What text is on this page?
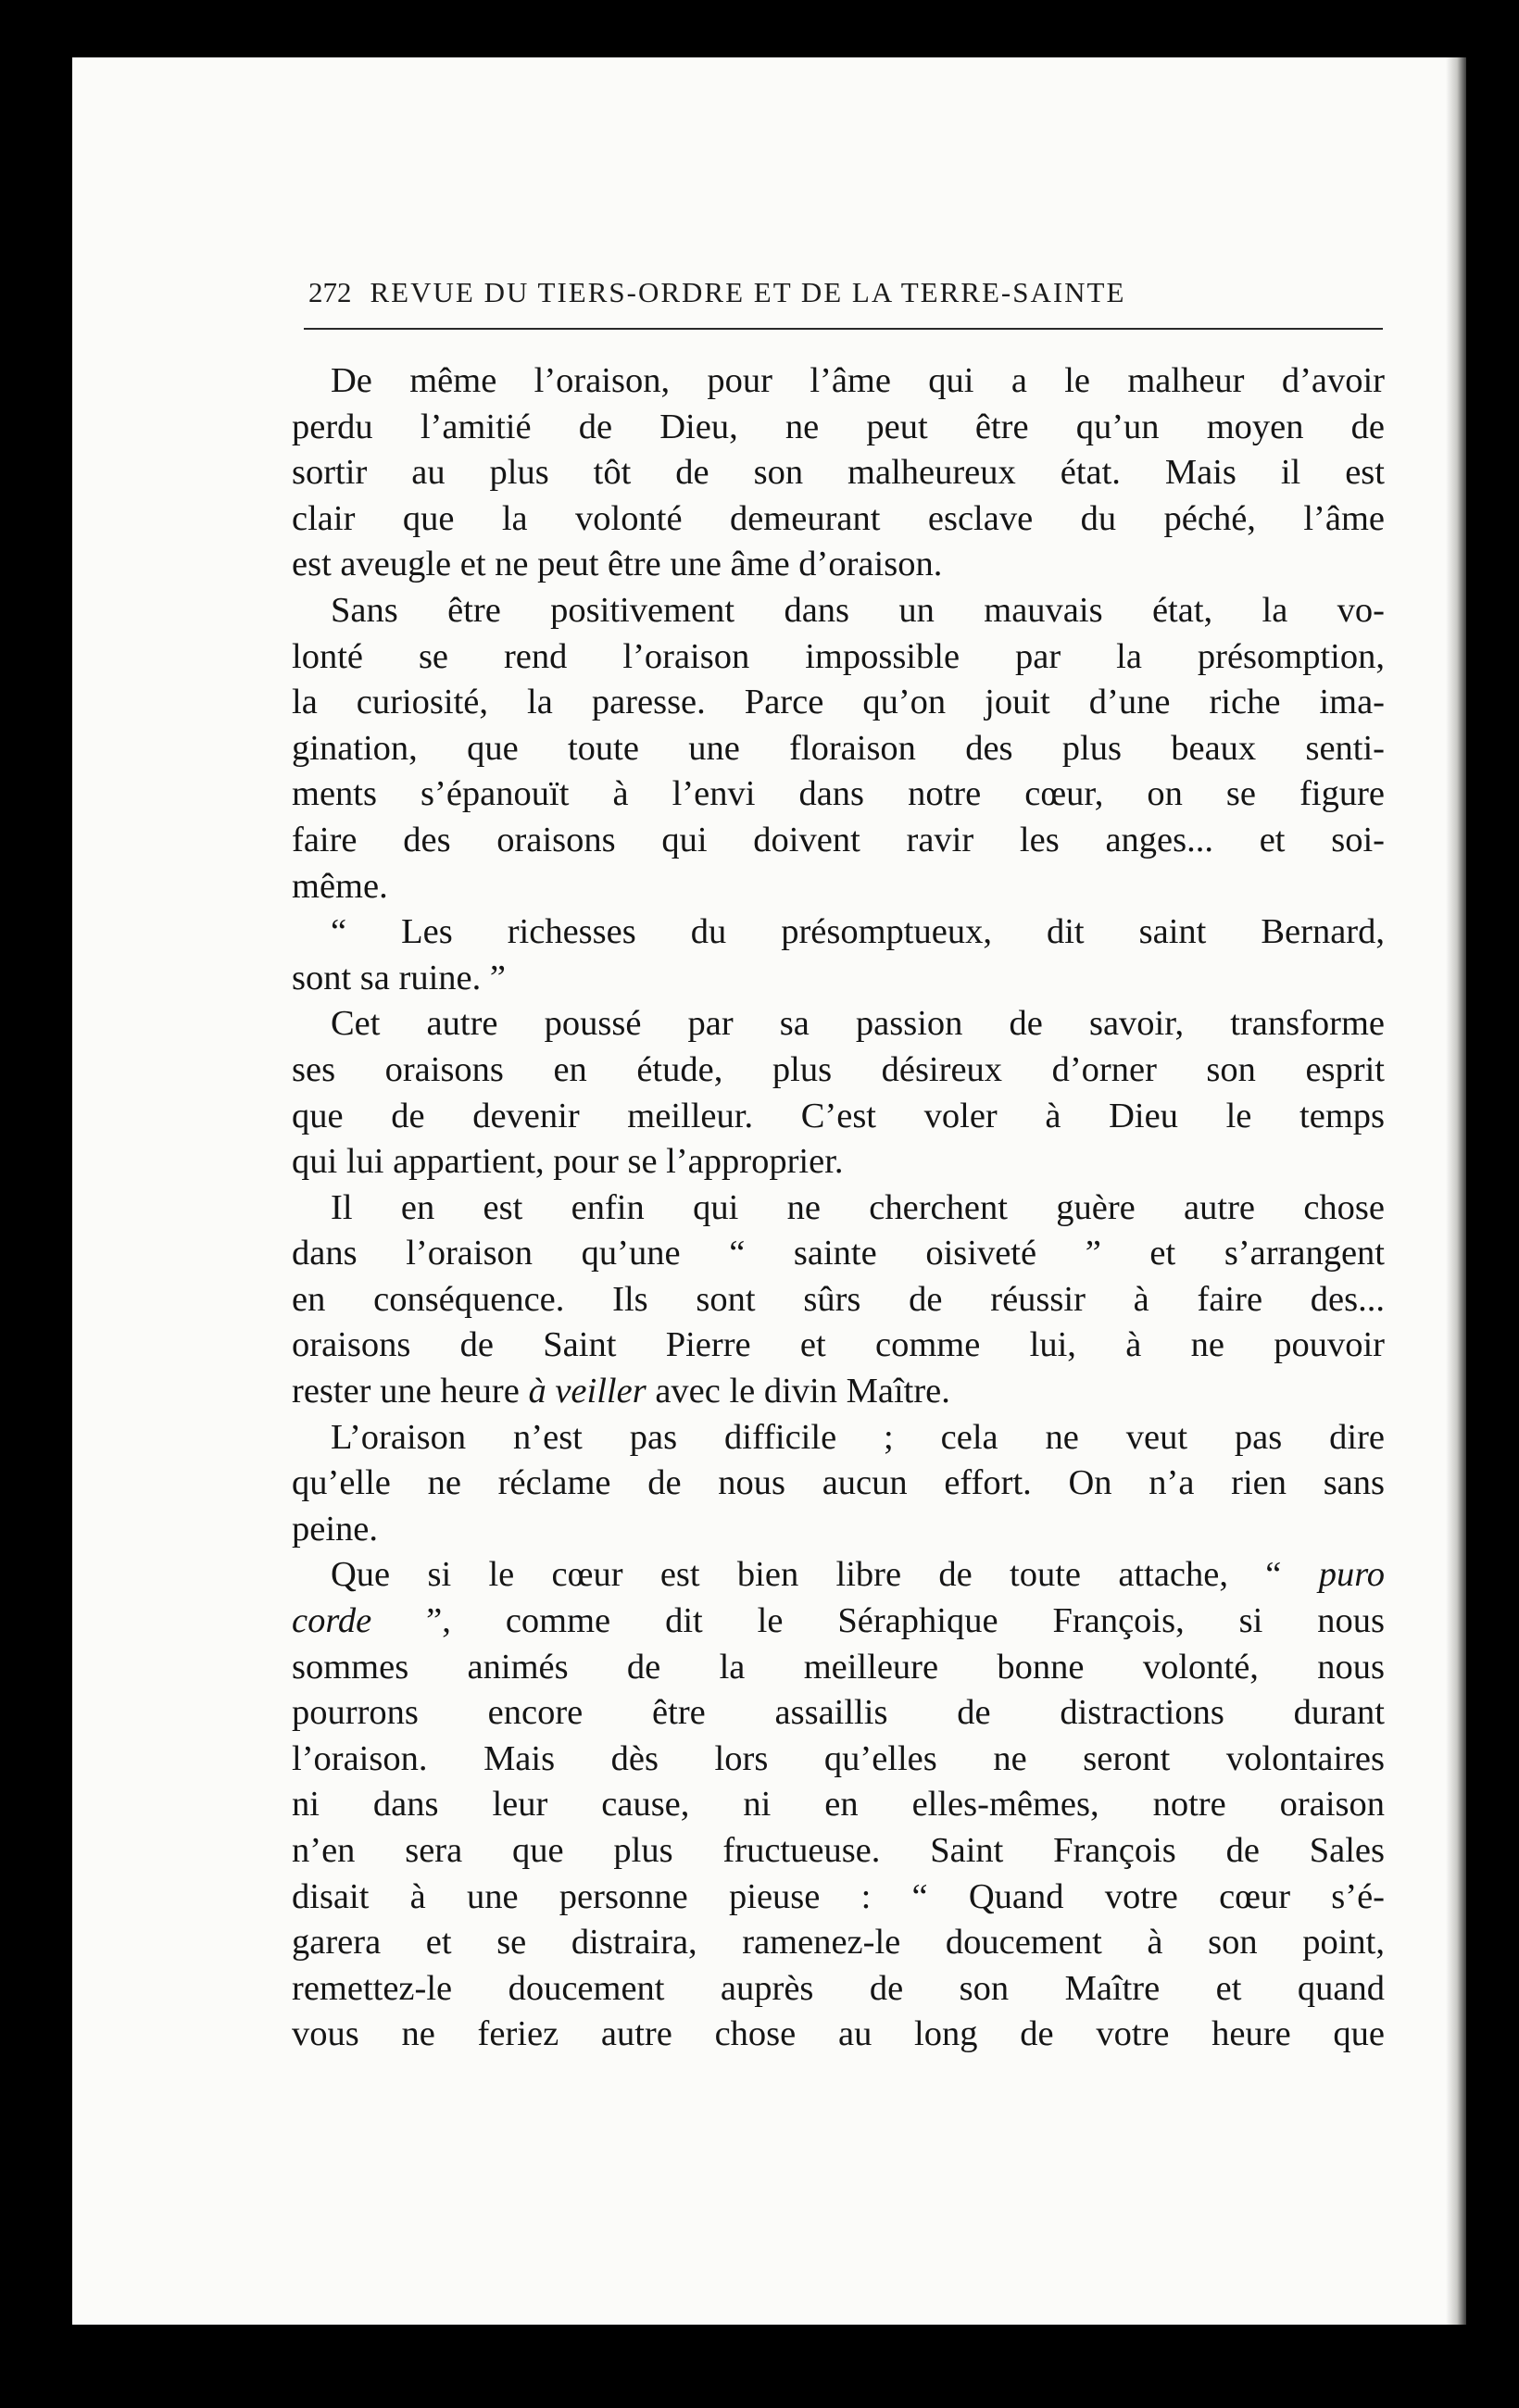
272 REVUE DU TIERS-ORDRE ET DE LA TERRE-SAINTE
De même l’oraison, pour l’âme qui a le malheur d’avoir
perdu l’amitié de Dieu, ne peut être qu’un moyen de
sortir au plus tôt de son malheureux état. Mais il est
clair que la volonté demeurant esclave du péché, l’âme
est aveugle et ne peut être une âme d’oraison.
Sans être positivement dans un mauvais état, la vo-
lonté se rend l’oraison impossible par la présomption,
la curiosité, la paresse. Parce qu’on jouit d’une riche ima-
gination, que toute une floraison des plus beaux senti-
ments s’épanouït à l’envi dans notre cœur, on se figure
faire des oraisons qui doivent ravir les anges... et soi-
même.
“ Les richesses du présomptueux, dit saint Bernard,
sont sa ruine. ”
Cet autre poussé par sa passion de savoir, transforme
ses oraisons en étude, plus désireux d’orner son esprit
que de devenir meilleur. C’est voler à Dieu le temps
qui lui appartient, pour se l’approprier.
Il en est enfin qui ne cherchent guère autre chose
dans l’oraison qu’une “ sainte oisiveté ” et s’arrangent
en conséquence. Ils sont sûrs de réussir à faire des...
oraisons de Saint Pierre et comme lui, à ne pouvoir
rester une heure à veiller avec le divin Maître.
L’oraison n’est pas difficile ; cela ne veut pas dire
qu’elle ne réclame de nous aucun effort. On n’a rien sans
peine.
Que si le cœur est bien libre de toute attache, “ puro
corde ”, comme dit le Séraphique François, si nous
sommes animés de la meilleure bonne volonté, nous
pourrons encore être assaillis de distractions durant
l’oraison. Mais dès lors qu’elles ne seront volontaires
ni dans leur cause, ni en elles-mêmes, notre oraison
n’en sera que plus fructueuse. Saint François de Sales
disait à une personne pieuse : “ Quand votre cœur s’é-
garera et se distraira, ramenez-le doucement à son point,
remettez-le doucement auprès de son Maître et quand
vous ne feriez autre chose au long de votre heure que
